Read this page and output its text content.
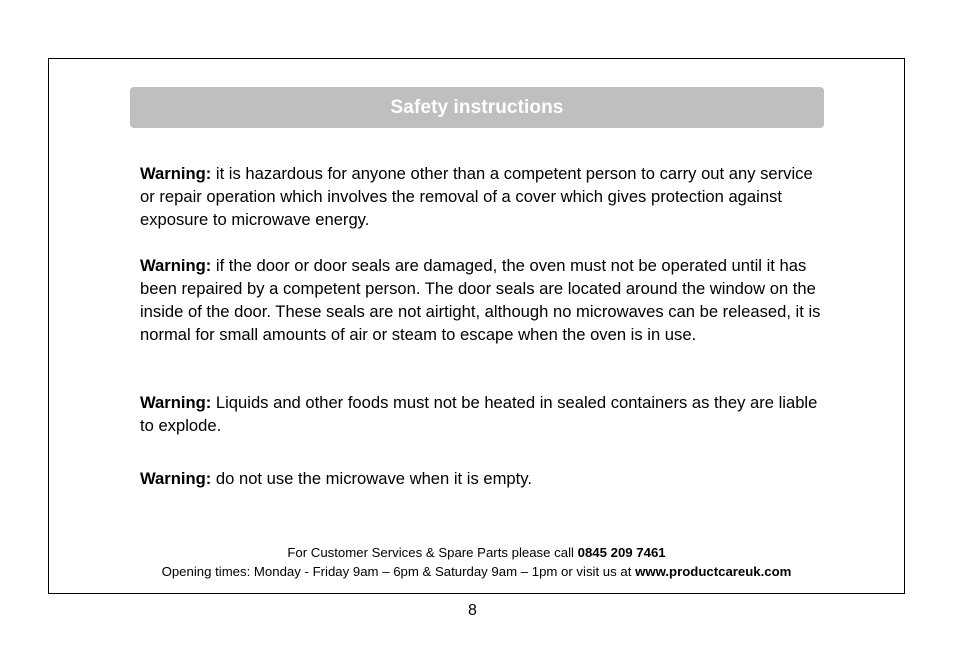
Safety instructions

Warning: it is hazardous for anyone other than a competent person to carry out any service or repair operation which involves the removal of a cover which gives protection against exposure to microwave energy.

Warning: if the door or door seals are damaged, the oven must not be operated until it has been repaired by a competent person. The door seals are located around the window on the inside of the door. These seals are not airtight, although no microwaves can be released, it is normal for small amounts of air or steam to escape when the oven is in use.

Warning: Liquids and other foods must not be heated in sealed containers as they are liable to explode.

Warning: do not use the microwave when it is empty.

For Customer Services & Spare Parts please call 0845 209 7461
Opening times: Monday - Friday 9am – 6pm & Saturday 9am – 1pm or visit us at www.productcareuk.com
8
